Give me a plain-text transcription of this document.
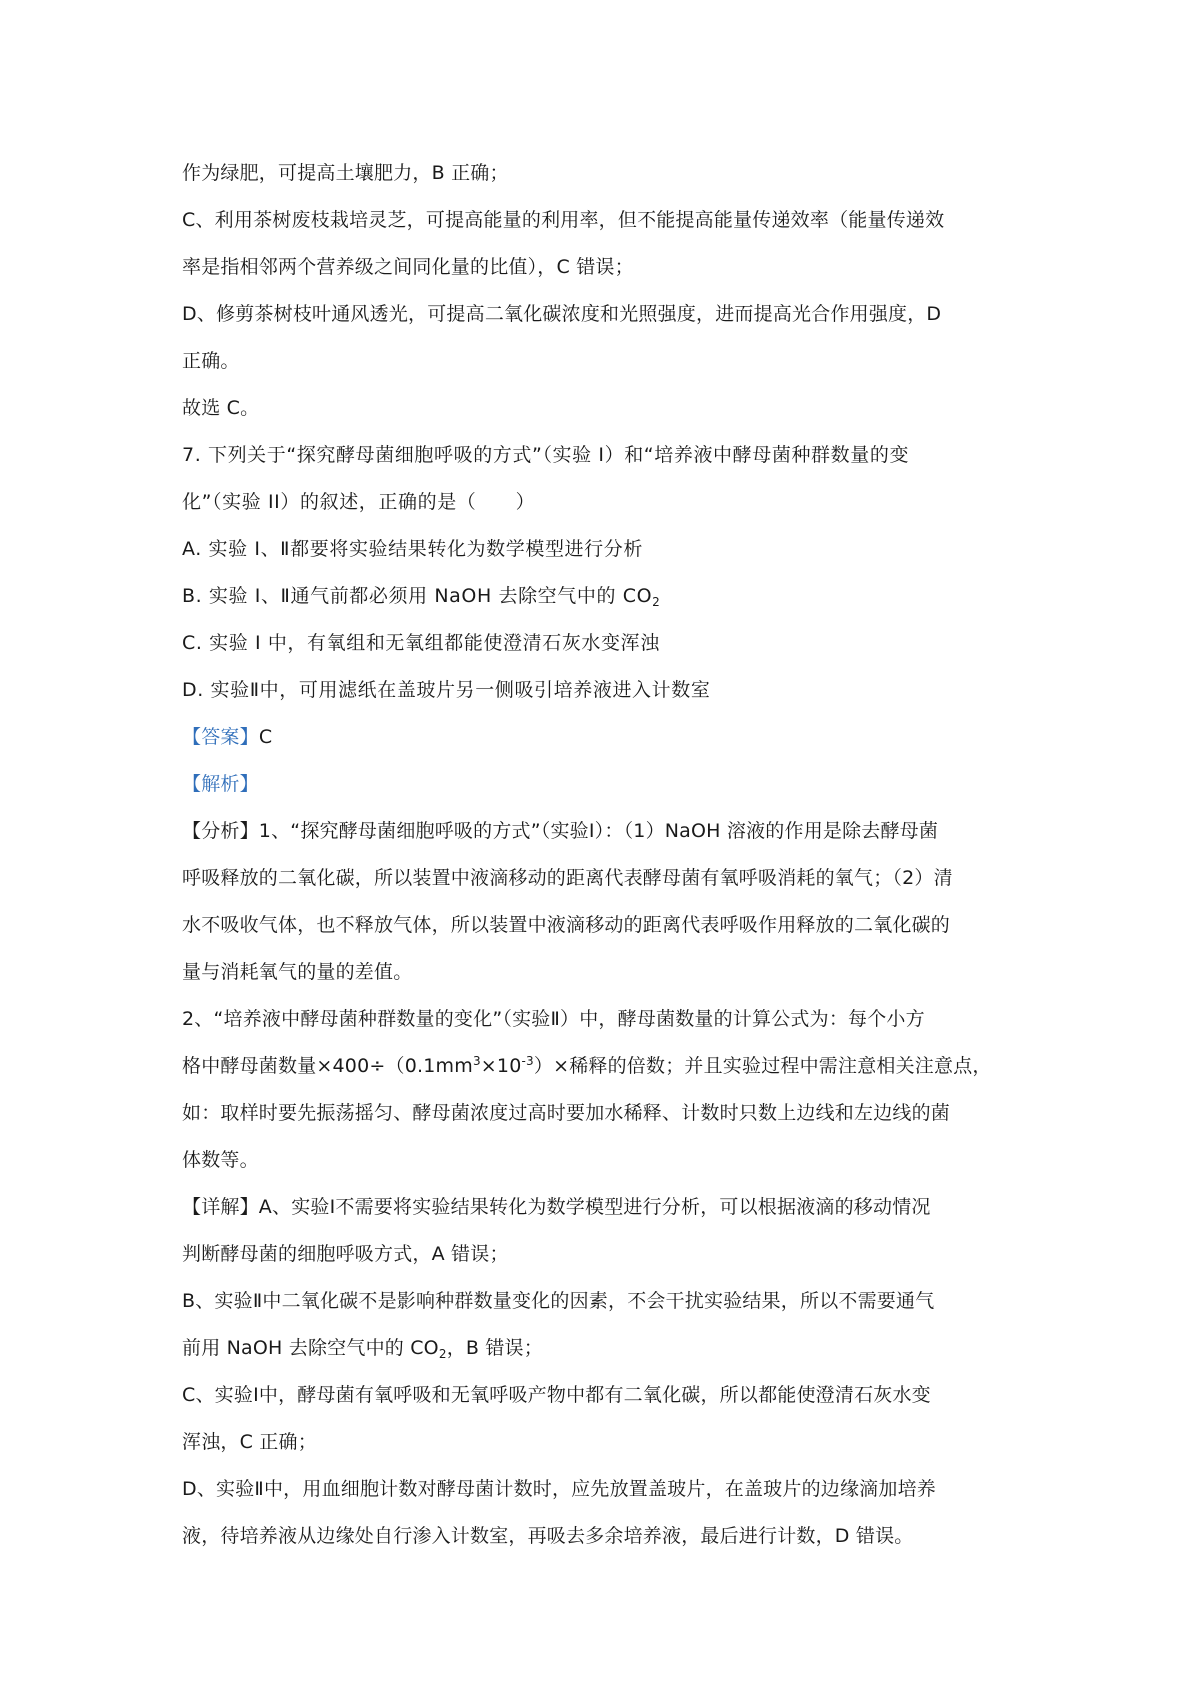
作为绿肥，可提高土壤肥力，B 正确；

C、利用茶树废枝栽培灵芝，可提高能量的利用率，但不能提高能量传递效率（能量传递效

率是指相邻两个营养级之间同化量的比值），C 错误；

D、修剪茶树枝叶通风透光，可提高二氧化碳浓度和光照强度，进而提高光合作用强度，D

正确。

故选 C。

7. 下列关于“探究酵母菌细胞呼吸的方式”（实验 I）和“培养液中酵母菌种群数量的变

化”（实验 II）的叙述，正确的是（　　）

A. 实验 I、Ⅱ都要将实验结果转化为数学模型进行分析

B. 实验 I、Ⅱ通气前都必须用 NaOH 去除空气中的 $CO_2$

C. 实验 I 中，有氧组和无氧组都能使澄清石灰水变浑浊

D. 实验Ⅱ中，可用滤纸在盖玻片另一侧吸引培养液进入计数室

【答案】C

【解析】

【分析】1、“探究酵母菌细胞呼吸的方式”（实验Ⅰ）：（1）NaOH 溶液的作用是除去酵母菌

呼吸释放的二氧化碳，所以装置中液滴移动的距离代表酵母菌有氧呼吸消耗的氧气；（2）清

水不吸收气体，也不释放气体，所以装置中液滴移动的距离代表呼吸作用释放的二氧化碳的

量与消耗氧气的量的差值。

2、“培养液中酵母菌种群数量的变化”（实验Ⅱ）中，酵母菌数量的计算公式为：每个小方

格中酵母菌数量$\times 400\div(0.1mm^3\times 10^{-3})\times$稀释的倍数；并且实验过程中需注意相关注意点，

如：取样时要先振荡摇匀、酵母菌浓度过高时要加水稀释、计数时只数上边线和左边线的菌

体数等。

【详解】A、实验Ⅰ不需要将实验结果转化为数学模型进行分析，可以根据液滴的移动情况

判断酵母菌的细胞呼吸方式，A 错误；

B、实验Ⅱ中二氧化碳不是影响种群数量变化的因素，不会干扰实验结果，所以不需要通气

前用 NaOH 去除空气中的 $CO_2$，B 错误；

C、实验Ⅰ中，酵母菌有氧呼吸和无氧呼吸产物中都有二氧化碳，所以都能使澄清石灰水变

浑浊，C 正确；

D、实验Ⅱ中，用血细胞计数对酵母菌计数时，应先放置盖玻片，在盖玻片的边缘滴加培养

液，待培养液从边缘处自行渗入计数室，再吸去多余培养液，最后进行计数，D 错误。
